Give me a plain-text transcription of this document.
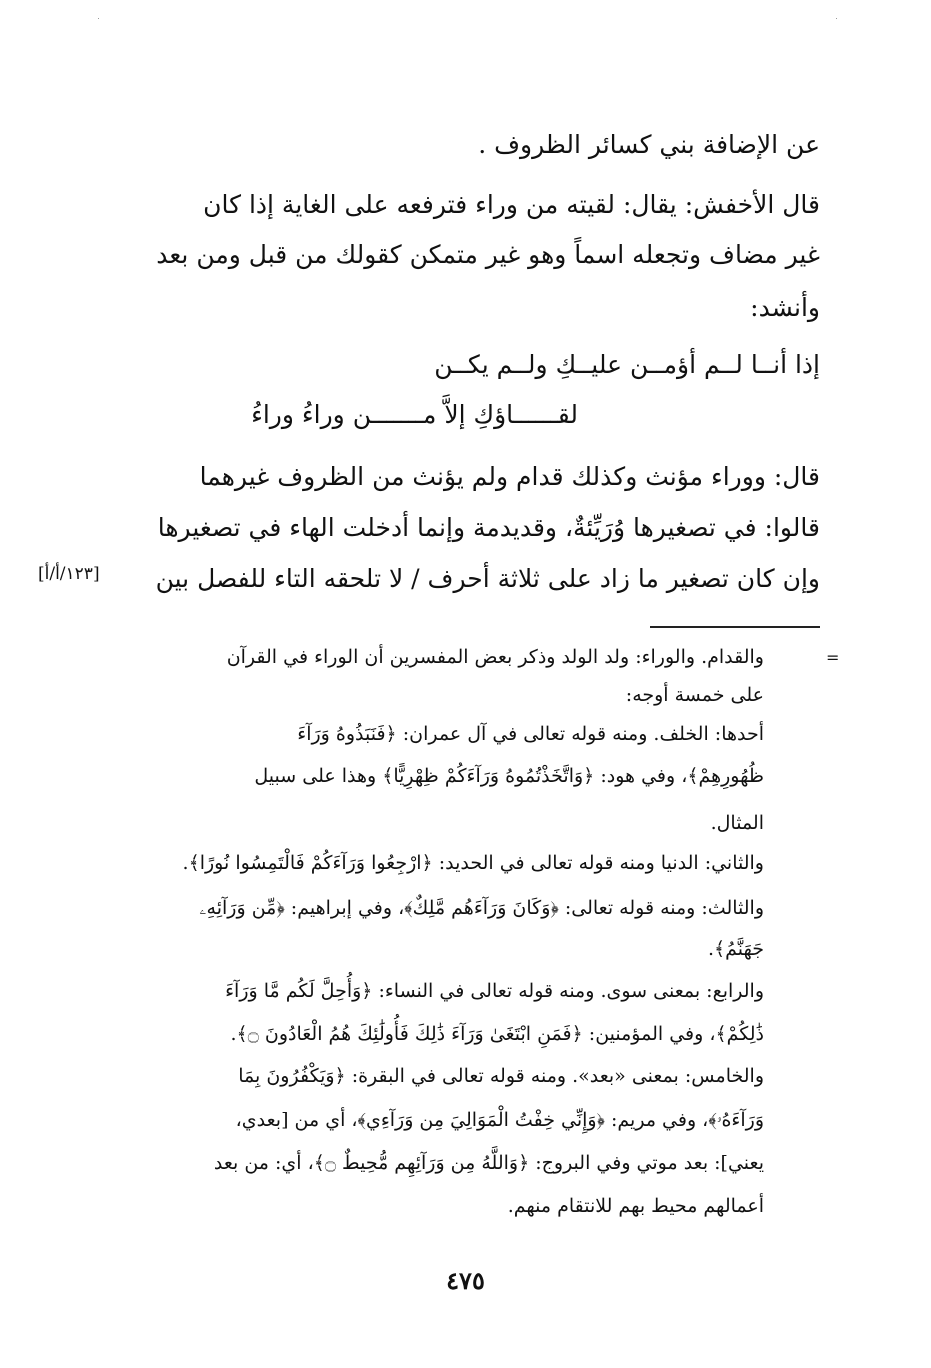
عن الإضافة بني كسائر الظروف .
قال الأخفش: يقال: لقيته من وراء فترفعه على الغاية إذا كان
غير مضاف وتجعله اسماً وهو غير متمكن كقولك من قبل ومن بعد
وأنشد:
إذا أنــا لــم أؤمــن عليــكِ ولــم يكــن
لقــــــاؤكِ إلاَّ مـــــــن وراءُ وراءُ
قال: ووراء مؤنث وكذلك قدام ولم يؤنث من الظروف غيرهما
قالوا: في تصغيرها وُرَيِّئةٌ، وقديدمة وإنما أدخلت الهاء في تصغيرها
وإن كان تصغير ما زاد على ثلاثة أحرف / لا تلحقه التاء للفصل بين
[١٢٣/أ/أ]
=
والقدام. والوراء: ولد الولد وذكر بعض المفسرين أن الوراء في القرآن
على خمسة أوجه:
أحدها: الخلف. ومنه قوله تعالى في آل عمران: ﴿فَنَبَذُوهُ وَرَآءَ
ظُهُورِهِمْ﴾، وفي هود: ﴿وَاتَّخَذْتُمُوهُ وَرَآءَكُمْ ظِهْرِيًّا﴾ وهذا على سبيل
المثال.
والثاني: الدنيا ومنه قوله تعالى في الحديد: ﴿ارْجِعُوا وَرَآءَكُمْ فَالْتَمِسُوا نُورًا﴾.
والثالث: ومنه قوله تعالى: ﴿وَكَانَ وَرَآءَهُم مَّلِكٌ﴾، وفي إبراهيم: ﴿مِّن وَرَآئِهِۦ
جَهَنَّمُ﴾.
والرابع: بمعنى سوى. ومنه قوله تعالى في النساء: ﴿وَأُحِلَّ لَكُم مَّا وَرَآءَ
ذَٰلِكُمْ﴾، وفي المؤمنين: ﴿فَمَنِ ابْتَغَىٰ وَرَآءَ ذَٰلِكَ فَأُولَٰئِكَ هُمُ الْعَادُونَ ۝﴾.
والخامس: بمعنى «بعد». ومنه قوله تعالى في البقرة: ﴿وَيَكْفُرُونَ بِمَا
وَرَآءَهُۥ﴾، وفي مريم: ﴿وَإِنِّي خِفْتُ الْمَوَالِيَ مِن وَرَآءِي﴾، أي من [بعدي،
يعني]: بعد موتي وفي البروج: ﴿وَاللَّهُ مِن وَرَآئِهِم مُّحِيطٌ ۝﴾، أي: من بعد
أعمالهم محيط بهم للانتقام منهم.
٤٧٥
